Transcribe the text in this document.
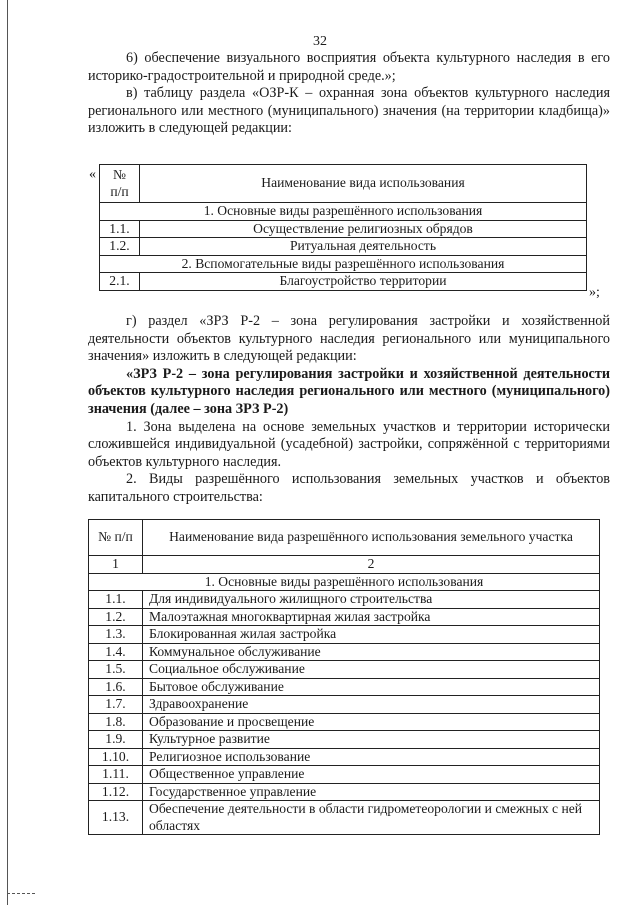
32

6) обеспечение визуального восприятия объекта культурного наследия в его историко-градостроительной и природной среде.»;

в) таблицу раздела «ОЗР-К – охранная зона объектов культурного наследия регионального или местного (муниципального) значения (на территории кладбища)» изложить в следующей редакции:

« № п/п	Наименование вида использования
1. Основные виды разрешённого использования	
1.1.	Осуществление религиозных обрядов
1.2.	Ритуальная деятельность
2. Вспомогательные виды разрешённого использования	
2.1.	Благоустройство территории
»;

г) раздел «ЗРЗ Р-2 – зона регулирования застройки и хозяйственной деятельности объектов культурного наследия регионального или муниципального значения» изложить в следующей редакции:

«ЗРЗ Р-2 – зона регулирования застройки и хозяйственной деятельности объектов культурного наследия регионального или местного (муниципального) значения (далее – зона ЗРЗ Р-2)

1. Зона выделена на основе земельных участков и территории исторически сложившейся индивидуальной (усадебной) застройки, сопряжённой с территориями объектов культурного наследия.

2. Виды разрешённого использования земельных участков и объектов капитального строительства:

№ п/п	Наименование вида разрешённого использования земельного участка
1	2
1. Основные виды разрешённого использования	
1.1.	Для индивидуального жилищного строительства
1.2.	Малоэтажная многоквартирная жилая застройка
1.3.	Блокированная жилая застройка
1.4.	Коммунальное обслуживание
1.5.	Социальное обслуживание
1.6.	Бытовое обслуживание
1.7.	Здравоохранение
1.8.	Образование и просвещение
1.9.	Культурное развитие
1.10.	Религиозное использование
1.11.	Общественное управление
1.12.	Государственное управление
1.13.	Обеспечение деятельности в области гидрометеорологии и смежных с ней областях
